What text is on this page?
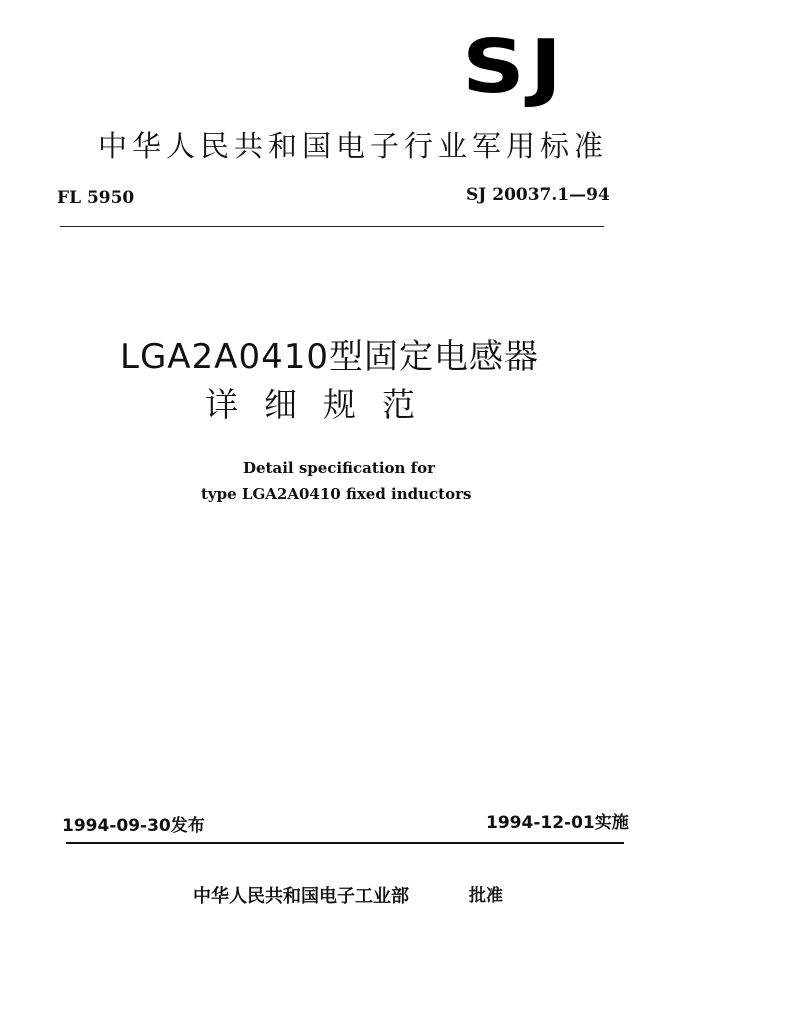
SJ
中华人民共和国电子行业军用标准
FL 5950	SJ 20037.1—94
LGA2A0410型固定电感器
详细规范
Detail specification for
type LGA2A0410 fixed inductors
1994-09-30发布	1994-12-01实施
中华人民共和国电子工业部	批准
